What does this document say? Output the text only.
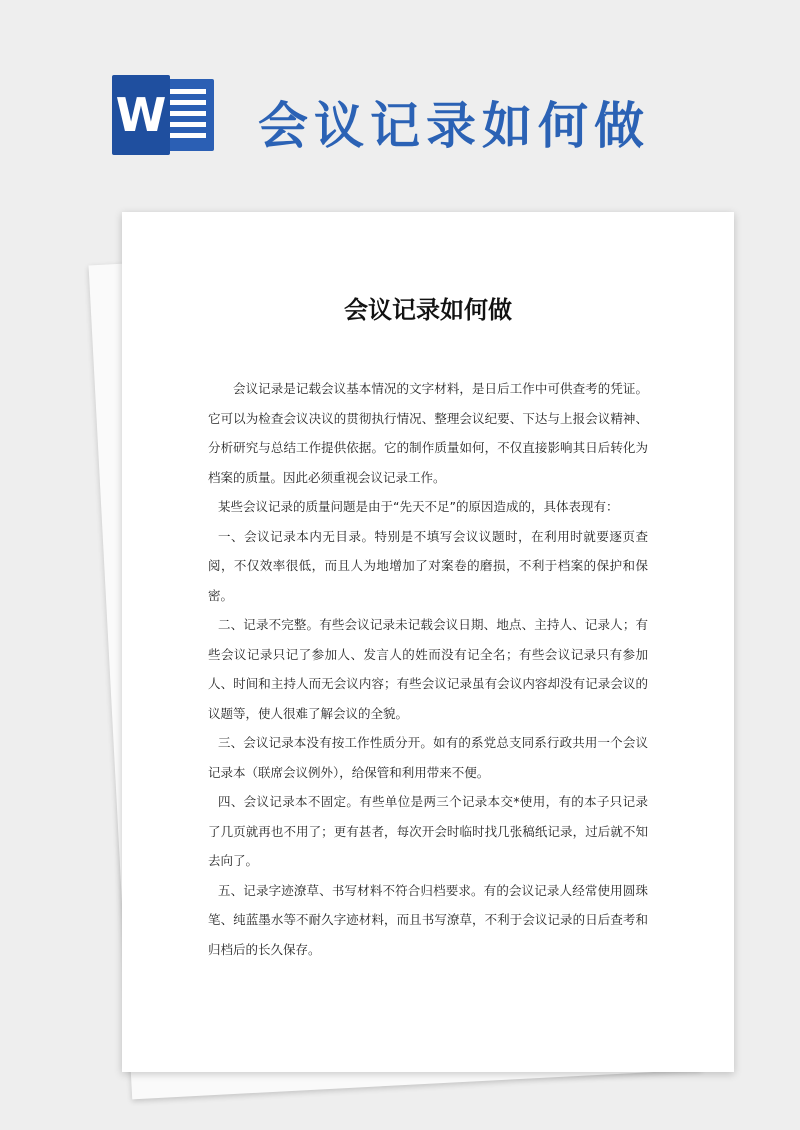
W 会议记录如何做
会议记录如何做

会议记录是记载会议基本情况的文字材料，是日后工作中可供查考的凭证。它可以为检查会议决议的贯彻执行情况、整理会议纪要、下达与上报会议精神、分析研究与总结工作提供依据。它的制作质量如何，不仅直接影响其日后转化为档案的质量。因此必须重视会议记录工作。

某些会议记录的质量问题是由于“先天不足”的原因造成的，具体表现有：

一、会议记录本内无目录。特别是不填写会议议题时，在利用时就要逐页查阅，不仅效率很低，而且人为地增加了对案卷的磨损，不利于档案的保护和保密。

二、记录不完整。有些会议记录未记载会议日期、地点、主持人、记录人；有些会议记录只记了参加人、发言人的姓而没有记全名；有些会议记录只有参加人、时间和主持人而无会议内容；有些会议记录虽有会议内容却没有记录会议的议题等，使人很难了解会议的全貌。

三、会议记录本没有按工作性质分开。如有的系党总支同系行政共用一个会议记录本（联席会议例外），给保管和利用带来不便。

四、会议记录本不固定。有些单位是两三个记录本交*使用，有的本子只记录了几页就再也不用了；更有甚者，每次开会时临时找几张稿纸记录，过后就不知去向了。

五、记录字迹潦草、书写材料不符合归档要求。有的会议记录人经常使用圆珠笔、纯蓝墨水等不耐久字迹材料，而且书写潦草，不利于会议记录的日后查考和归档后的长久保存。
